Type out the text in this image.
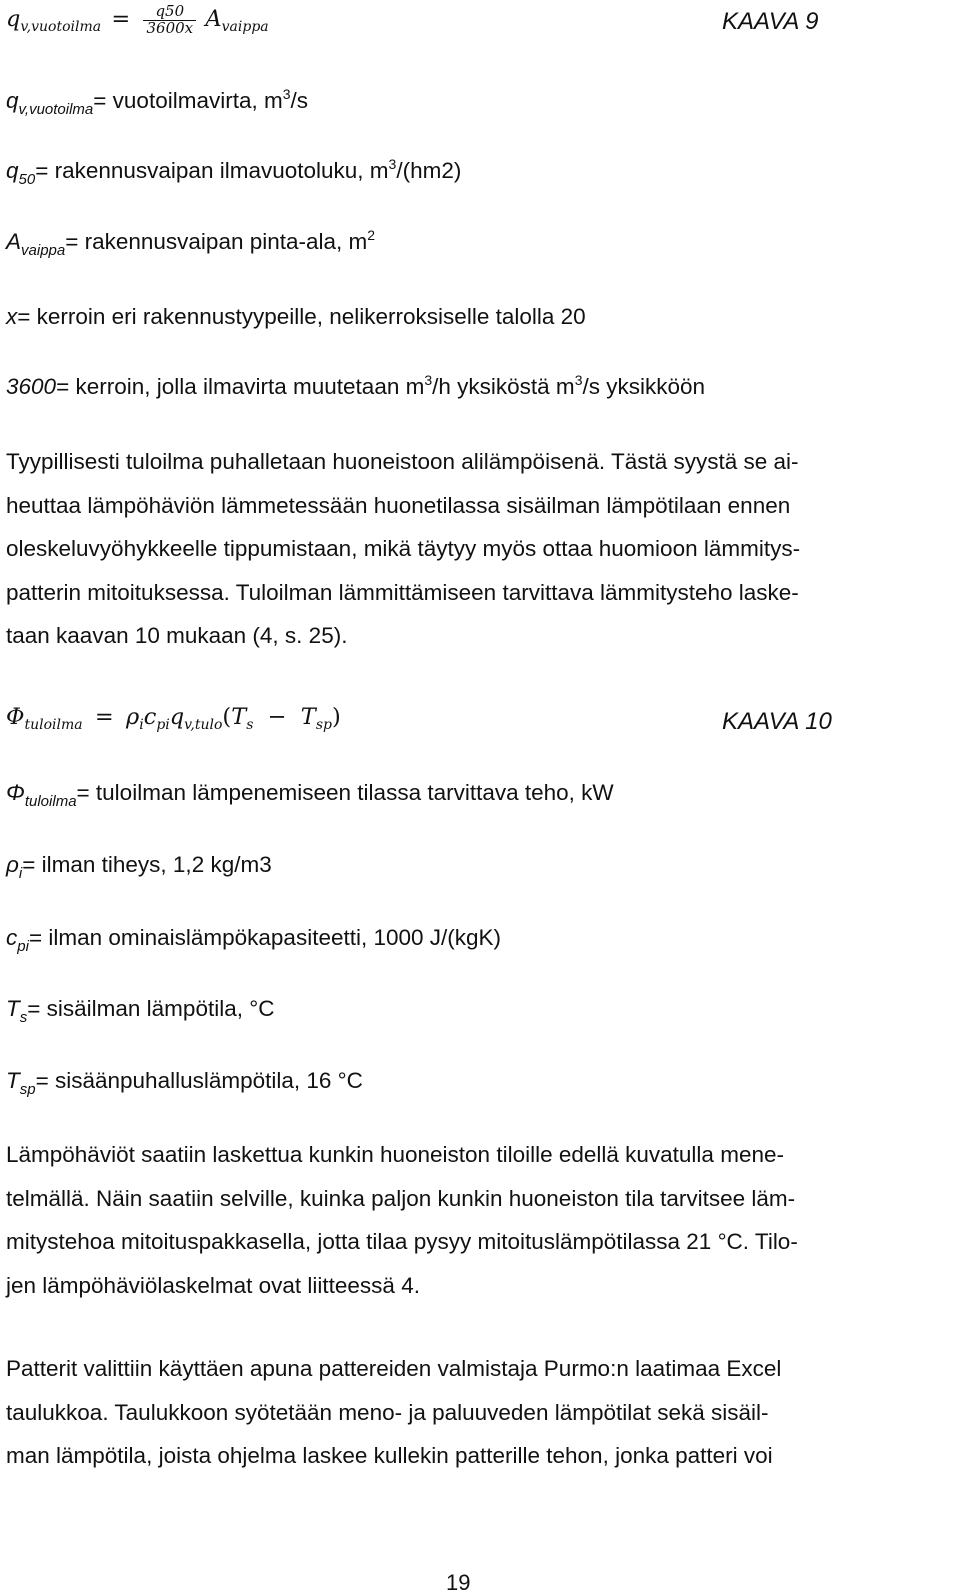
$q_{v,vuotoilma} = \frac{q50}{3600x} A_{vaippa}$	KAAVA 9
$q_{v,vuotoilma}=$ vuotoilmavirta, $m^3/s$
$q_{50}=$ rakennusvaipan ilmavuotoluku, $m^3/(hm2)$
$A_{vaippa}=$ rakennusvaipan pinta-ala, $m^2$
x= kerroin eri rakennustyypeille, nelikerroksiselle talolla 20
3600= kerroin, jolla ilmavirta muutetaan $m^3/h$ yksiköstä $m^3/s$ yksikköön
Tyypillisesti tuloilma puhalletaan huoneistoon alilämpöisenä. Tästä syystä se ai-
heuttaa lämpöhäviön lämmetessään huonetilassa sisäilman lämpötilaan ennen
oleskeluvyöhykkeelle tippumistaan, mikä täytyy myös ottaa huomioon lämmitys-
patterin mitoituksessa. Tuloilman lämmittämiseen tarvittava lämmitysteho laske-
taan kaavan 10 mukaan (4, s. 25).
$\Phi_{tuloilma} = \rho_ic_{pi}q_{v,tulo}(T_s - T_{sp})$	KAAVA 10
$\Phi_{tuloilma}=$ tuloilman lämpenemiseen tilassa tarvittava teho, kW
$\rho_i=$ ilman tiheys, 1,2 kg/m3
$c_{pi}=$ ilman ominaislämpökapasiteetti, 1000 J/(kgK)
$T_s=$ sisäilman lämpötila, °C
$T_{sp}=$ sisäänpuhalluslämpötila, 16 °C
Lämpöhäviöt saatiin laskettua kunkin huoneiston tiloille edellä kuvatulla mene-
telmällä. Näin saatiin selville, kuinka paljon kunkin huoneiston tila tarvitsee läm-
mitystehoa mitoituspakkasella, jotta tilaa pysyy mitoituslämpötilassa 21 °C. Tilo-
jen lämpöhäviölaskelmat ovat liitteessä 4.
Patterit valittiin käyttäen apuna pattereiden valmistaja Purmo:n laatimaa Excel
taulukkoa. Taulukkoon syötetään meno- ja paluuveden lämpötilat sekä sisäil-
man lämpötila, joista ohjelma laskee kullekin patterille tehon, jonka patteri voi
19
